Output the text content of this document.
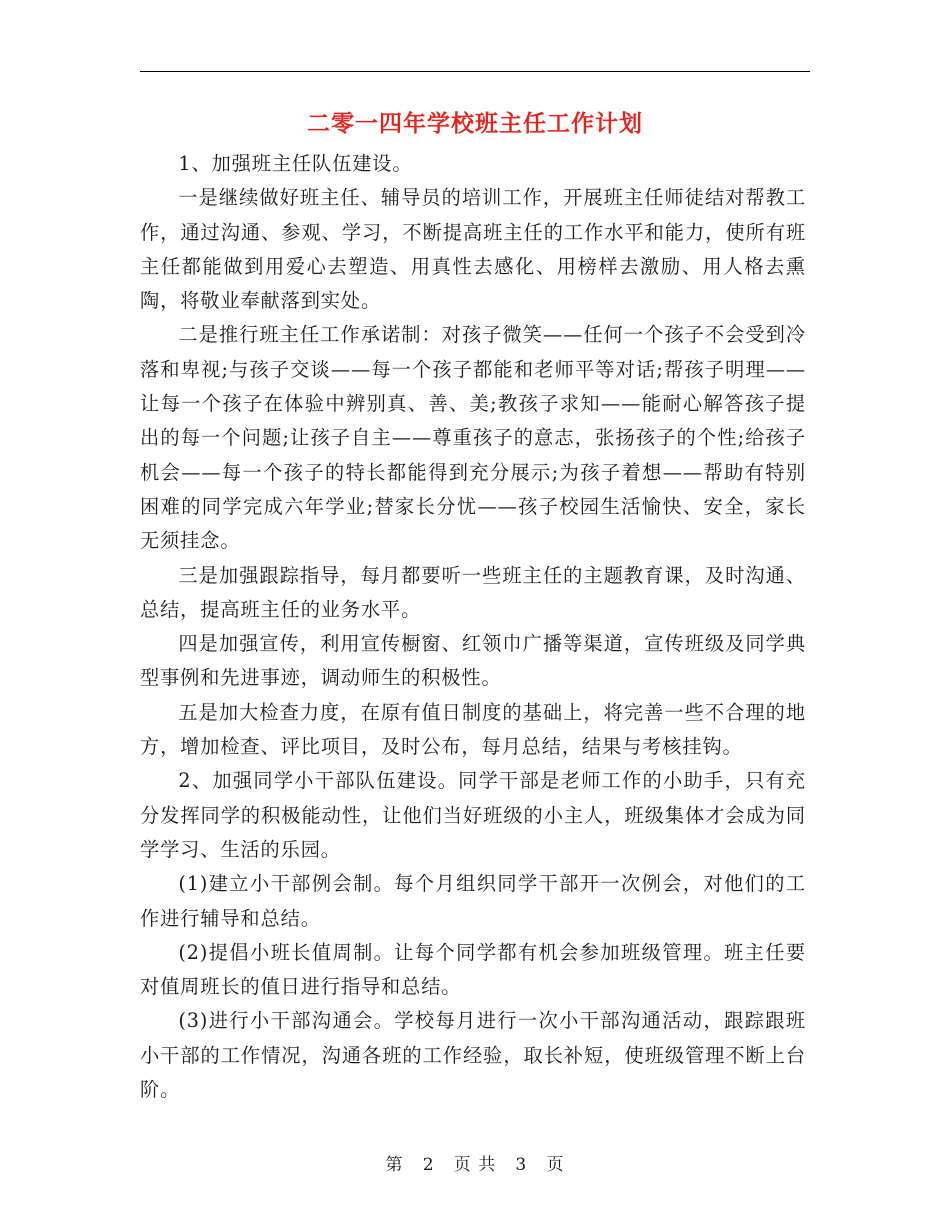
二零一四年学校班主任工作计划

1、加强班主任队伍建设。

一是继续做好班主任、辅导员的培训工作，开展班主任师徒结对帮教工作，通过沟通、参观、学习，不断提高班主任的工作水平和能力，使所有班主任都能做到用爱心去塑造、用真性去感化、用榜样去激励、用人格去熏陶，将敬业奉献落到实处。

二是推行班主任工作承诺制：对孩子微笑——任何一个孩子不会受到冷落和卑视;与孩子交谈——每一个孩子都能和老师平等对话;帮孩子明理——让每一个孩子在体验中辨别真、善、美;教孩子求知——能耐心解答孩子提出的每一个问题;让孩子自主——尊重孩子的意志，张扬孩子的个性;给孩子机会——每一个孩子的特长都能得到充分展示;为孩子着想——帮助有特别困难的同学完成六年学业;替家长分忧——孩子校园生活愉快、安全，家长无须挂念。

三是加强跟踪指导，每月都要听一些班主任的主题教育课，及时沟通、总结，提高班主任的业务水平。

四是加强宣传，利用宣传橱窗、红领巾广播等渠道，宣传班级及同学典型事例和先进事迹，调动师生的积极性。

五是加大检查力度，在原有值日制度的基础上，将完善一些不合理的地方，增加检查、评比项目，及时公布，每月总结，结果与考核挂钩。

2、加强同学小干部队伍建设。同学干部是老师工作的小助手，只有充分发挥同学的积极能动性，让他们当好班级的小主人，班级集体才会成为同学学习、生活的乐园。

(1)建立小干部例会制。每个月组织同学干部开一次例会，对他们的工作进行辅导和总结。

(2)提倡小班长值周制。让每个同学都有机会参加班级管理。班主任要对值周班长的值日进行指导和总结。

(3)进行小干部沟通会。学校每月进行一次小干部沟通活动，跟踪跟班小干部的工作情况，沟通各班的工作经验，取长补短，使班级管理不断上台阶。

第 2 页 共 3 页
